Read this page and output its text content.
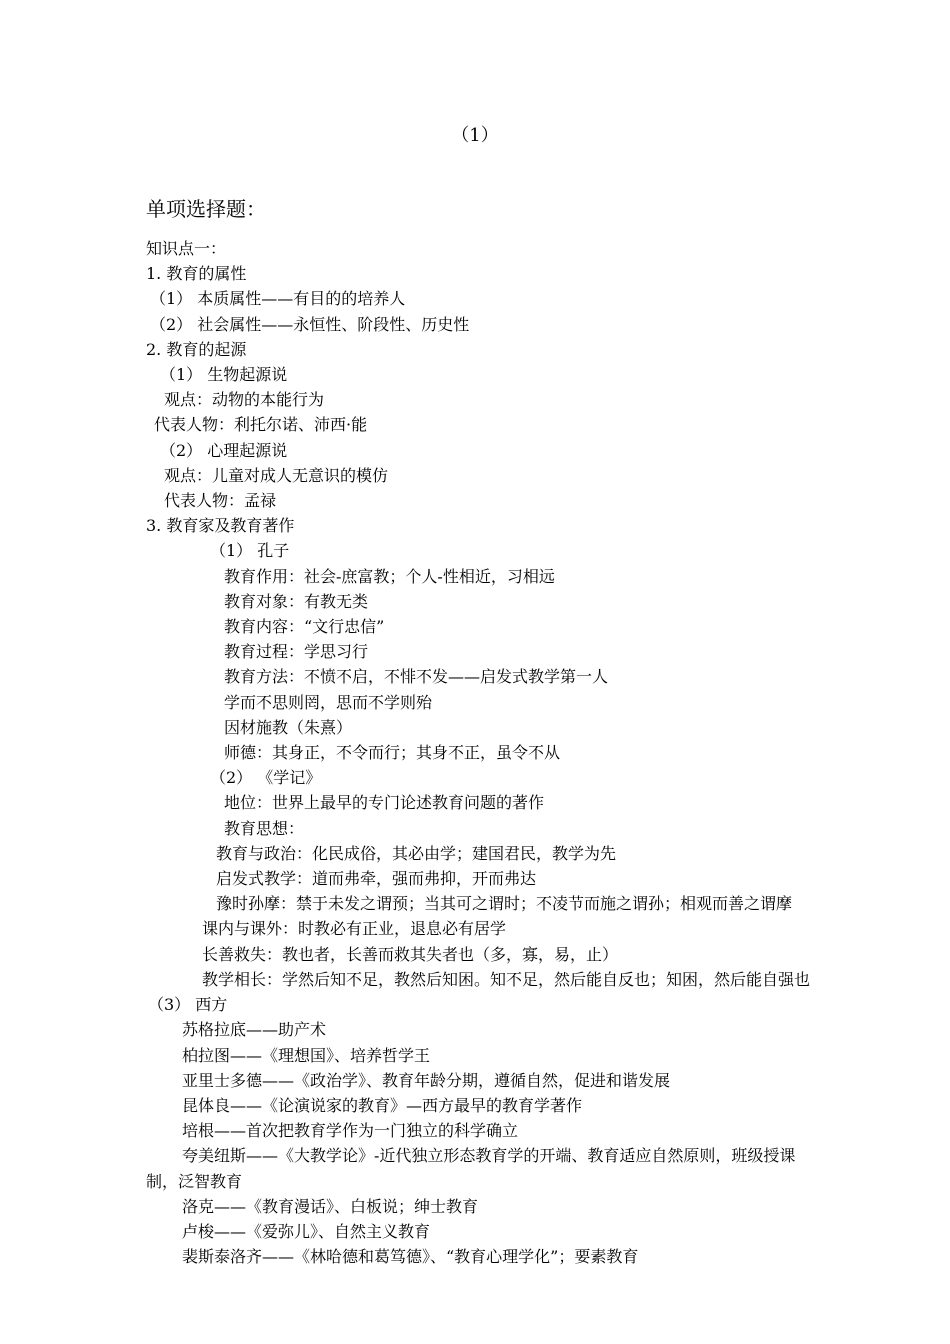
（1）
单项选择题：
知识点一：
1. 教育的属性
（1） 本质属性——有目的的培养人
（2） 社会属性——永恒性、阶段性、历史性
2. 教育的起源
（1） 生物起源说
观点：动物的本能行为
代表人物：利托尔诺、沛西·能
（2） 心理起源说
观点：儿童对成人无意识的模仿
代表人物：孟禄
3. 教育家及教育著作
（1） 孔子
教育作用：社会-庶富教；个人-性相近，习相远
教育对象：有教无类
教育内容：“文行忠信”
教育过程：学思习行
教育方法：不愤不启，不悱不发——启发式教学第一人
学而不思则罔，思而不学则殆
因材施教（朱熹）
师德：其身正，不令而行；其身不正，虽令不从
（2） 《学记》
地位：世界上最早的专门论述教育问题的著作
教育思想：
教育与政治：化民成俗，其必由学；建国君民，教学为先
启发式教学：道而弗牵，强而弗抑，开而弗达
豫时孙摩：禁于未发之谓预；当其可之谓时；不凌节而施之谓孙；相观而善之谓摩
课内与课外：时教必有正业，退息必有居学
长善救失：教也者，长善而救其失者也（多，寡，易，止）
教学相长：学然后知不足，教然后知困。知不足，然后能自反也；知困，然后能自强也
（3） 西方
苏格拉底——助产术
柏拉图——《理想国》、培养哲学王
亚里士多德——《政治学》、教育年龄分期，遵循自然，促进和谐发展
昆体良——《论演说家的教育》—西方最早的教育学著作
培根——首次把教育学作为一门独立的科学确立
夸美纽斯——《大教学论》-近代独立形态教育学的开端、教育适应自然原则，班级授课制，泛智教育
洛克——《教育漫话》、白板说；绅士教育
卢梭——《爱弥儿》、自然主义教育
裴斯泰洛齐——《林哈德和葛笃德》、“教育心理学化”；要素教育
